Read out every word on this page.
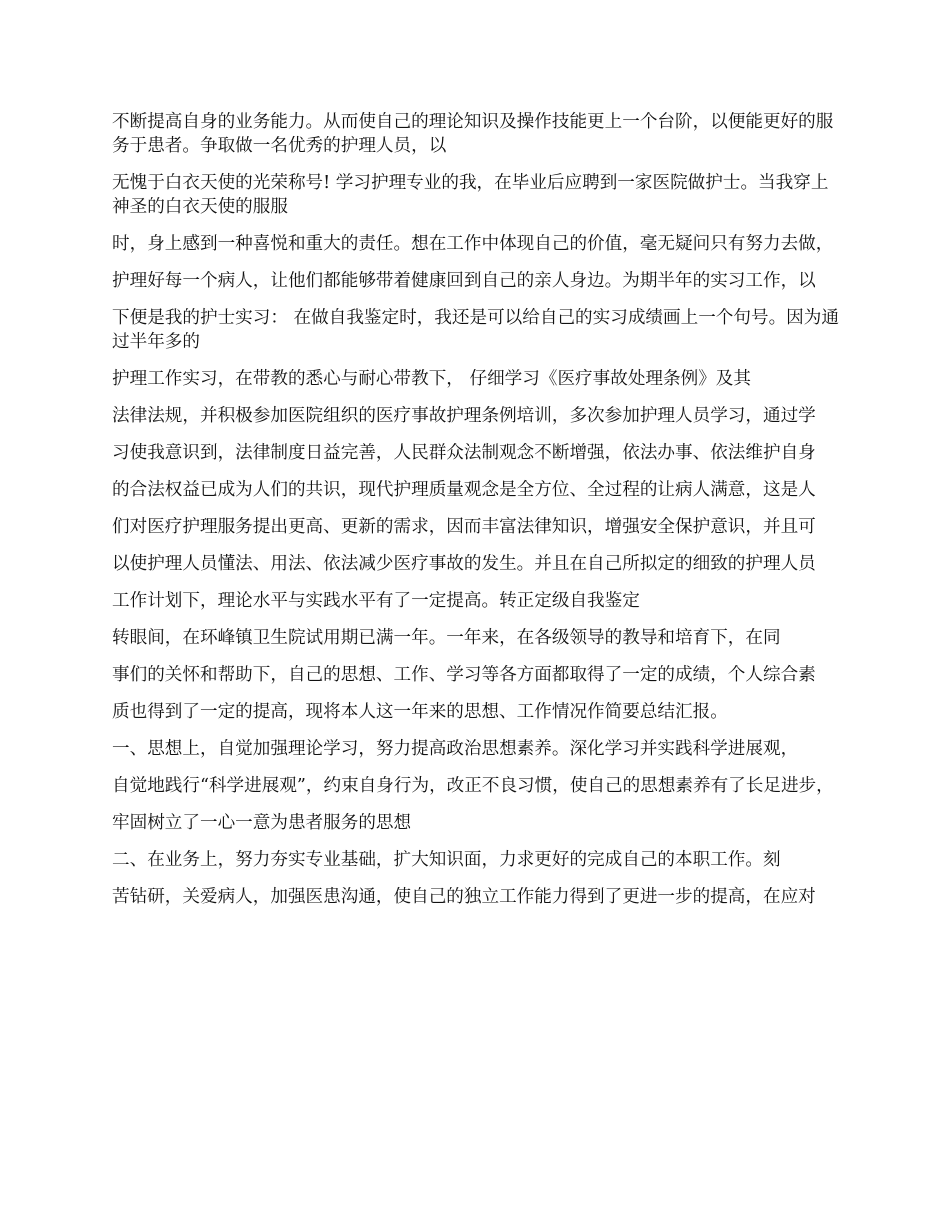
不断提高自身的业务能力。从而使自己的理论知识及操作技能更上一个台阶，以便能更好的服务于患者。争取做一名优秀的护理人员，以

无愧于白衣天使的光荣称号! 学习护理专业的我，在毕业后应聘到一家医院做护士。当我穿上神圣的白衣天使的服服

时，身上感到一种喜悦和重大的责任。想在工作中体现自己的价值，毫无疑问只有努力去做，

护理好每一个病人，让他们都能够带着健康回到自己的亲人身边。为期半年的实习工作，以

下便是我的护士实习： 在做自我鉴定时，我还是可以给自己的实习成绩画上一个句号。因为通过半年多的

护理工作实习，在带教的悉心与耐心带教下， 仔细学习《医疗事故处理条例》及其

法律法规，并积极参加医院组织的医疗事故护理条例培训，多次参加护理人员学习，通过学

习使我意识到，法律制度日益完善，人民群众法制观念不断增强，依法办事、依法维护自身

的合法权益已成为人们的共识，现代护理质量观念是全方位、全过程的让病人满意，这是人

们对医疗护理服务提出更高、更新的需求，因而丰富法律知识，增强安全保护意识，并且可

以使护理人员懂法、用法、依法减少医疗事故的发生。并且在自己所拟定的细致的护理人员

工作计划下，理论水平与实践水平有了一定提高。转正定级自我鉴定

转眼间，在环峰镇卫生院试用期已满一年。一年来，在各级领导的教导和培育下，在同

事们的关怀和帮助下，自己的思想、工作、学习等各方面都取得了一定的成绩，个人综合素

质也得到了一定的提高，现将本人这一年来的思想、工作情况作简要总结汇报。

一、思想上，自觉加强理论学习，努力提高政治思想素养。深化学习并实践科学进展观，

自觉地践行“科学进展观”，约束自身行为，改正不良习惯，使自己的思想素养有了长足进步，

牢固树立了一心一意为患者服务的思想

二、在业务上，努力夯实专业基础，扩大知识面，力求更好的完成自己的本职工作。刻

苦钻研，关爱病人，加强医患沟通，使自己的独立工作能力得到了更进一步的提高，在应对
